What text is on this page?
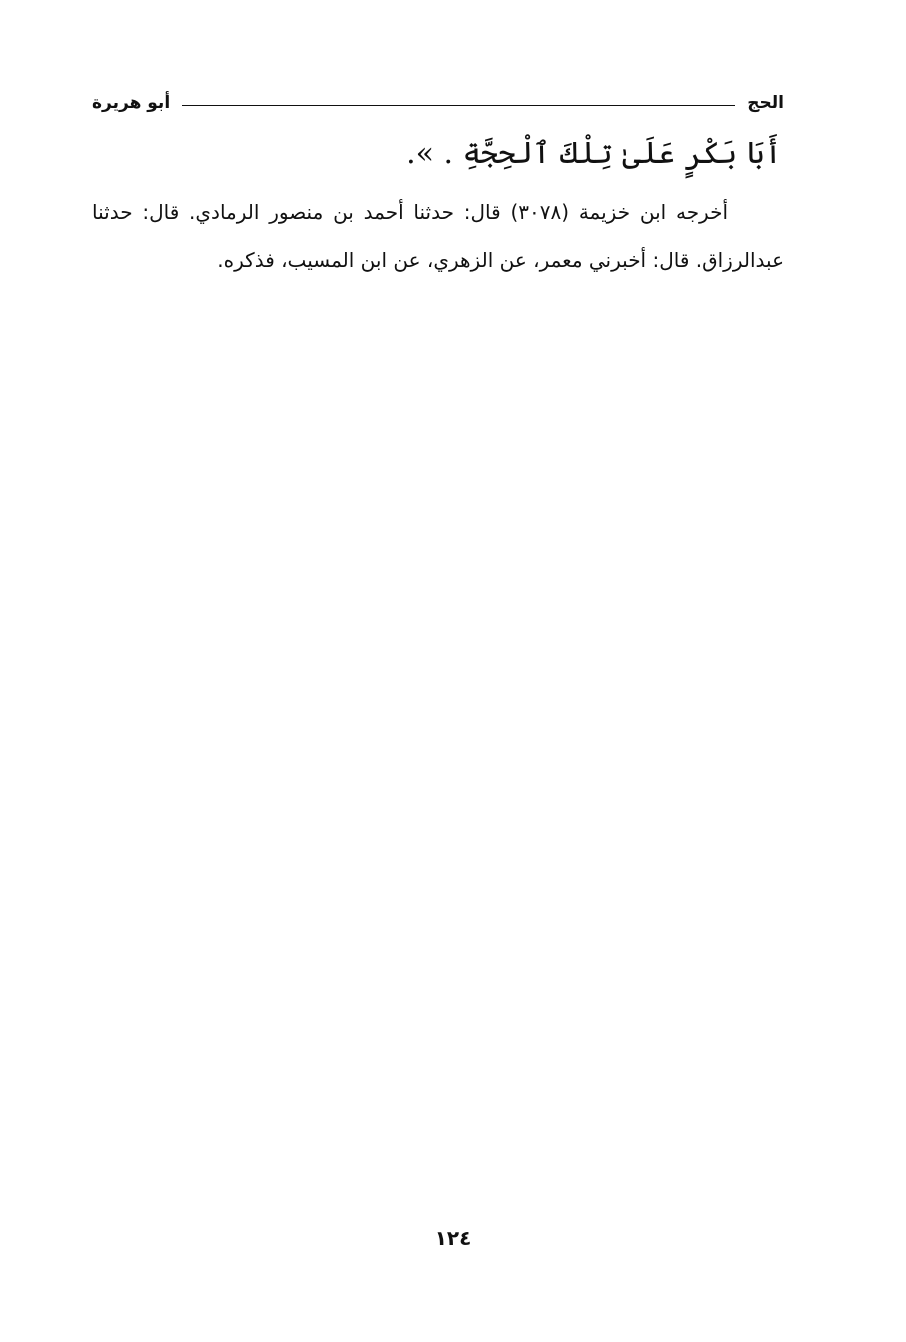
الحج
أبو هريرة
أَبَا بَكْرٍ عَلَىٰ تِلْكَ ٱلْحِجَّةِ . ».

أخرجه ابن خزيمة (٣٠٧٨) قال: حدثنا أحمد بن منصور الرمادي. قال: حدثنا عبدالرزاق. قال: أخبرني معمر، عن الزهري، عن ابن المسيب، فذكره.

١٢٤
